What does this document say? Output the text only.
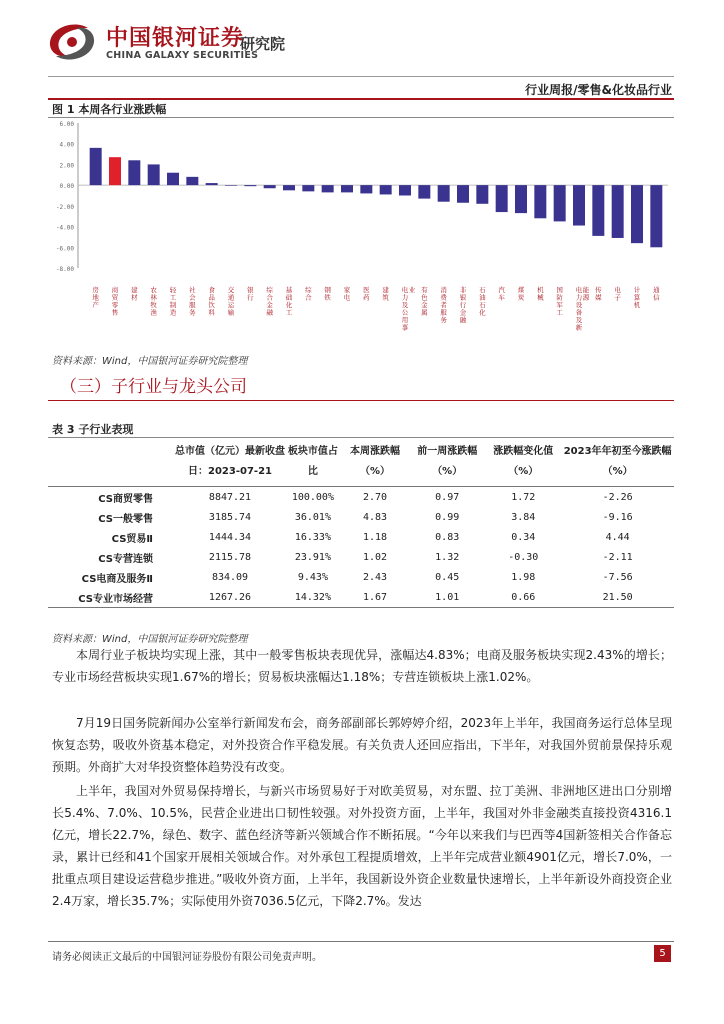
中国银河证券
研究院
CHINA GALAXY SECURITIES
行业周报/零售&化妆品行业
图 1 本周各行业涨跌幅
6.00
4.00
2.00
0.00
-2.00
-4.00
-6.00
-8.00
房地产
商贸零售
建材
农林牧渔
轻工制造
社会服务
食品饮料
交通运输
银行
综合金融
基础化工
综合
钢铁
家电
医药
建筑
电力及公用事业 有色金属
消费者服务
非银行金融
石油石化
汽车
煤炭
机械
国防军工
电力设备及新能源
传媒
电子
计算机
通信
资料来源：Wind，中国银河证券研究院整理
（三）子行业与龙头公司
表 3 子行业表现
	总市值（亿元）最新收盘日：2023-07-21	板块市值占比	本周涨跌幅（%）	前一周涨跌幅（%）	涨跌幅变化值（%）	2023年年初至今涨跌幅（%）
CS商贸零售	8847.21	100.00%	2.70	0.97	1.72	-2.26
CS一般零售	3185.74	36.01%	4.83	0.99	3.84	-9.16
CS贸易Ⅱ	1444.34	16.33%	1.18	0.83	0.34	4.44
CS专营连锁	2115.78	23.91%	1.02	1.32	-0.30	-2.11
CS电商及服务Ⅱ	834.09	9.43%	2.43	0.45	1.98	-7.56
CS专业市场经营	1267.26	14.32%	1.67	1.01	0.66	21.50
资料来源：Wind，中国银河证券研究院整理
本周行业子板块均实现上涨，其中一般零售板块表现优异，涨幅达4.83%；电商及服务板块实现2.43%的增长；专业市场经营板块实现1.67%的增长；贸易板块涨幅达1.18%；专营连锁板块上涨1.02%。
7月19日国务院新闻办公室举行新闻发布会，商务部副部长郭婷婷介绍，2023年上半年，我国商务运行总体呈现恢复态势，吸收外资基本稳定，对外投资合作平稳发展。有关负责人还回应指出，下半年，对我国外贸前景保持乐观预期。外商扩大对华投资整体趋势没有改变。
上半年，我国对外贸易保持增长，与新兴市场贸易好于对欧美贸易，对东盟、拉丁美洲、非洲地区进出口分别增长5.4%、7.0%、10.5%，民营企业进出口韧性较强。对外投资方面，上半年，我国对外非金融类直接投资4316.1亿元，增长22.7%，绿色、数字、蓝色经济等新兴领域合作不断拓展。“今年以来我们与巴西等4国新签相关合作备忘录，累计已经和41个国家开展相关领域合作。对外承包工程提质增效，上半年完成营业额4901亿元，增长7.0%，一批重点项目建设运营稳步推进。”吸收外资方面，上半年，我国新设外资企业数量快速增长，上半年新设外商投资企业2.4万家，增长35.7%；实际使用外资7036.5亿元，下降2.7%。发达
请务必阅读正文最后的中国银河证券股份有限公司免责声明。	5
